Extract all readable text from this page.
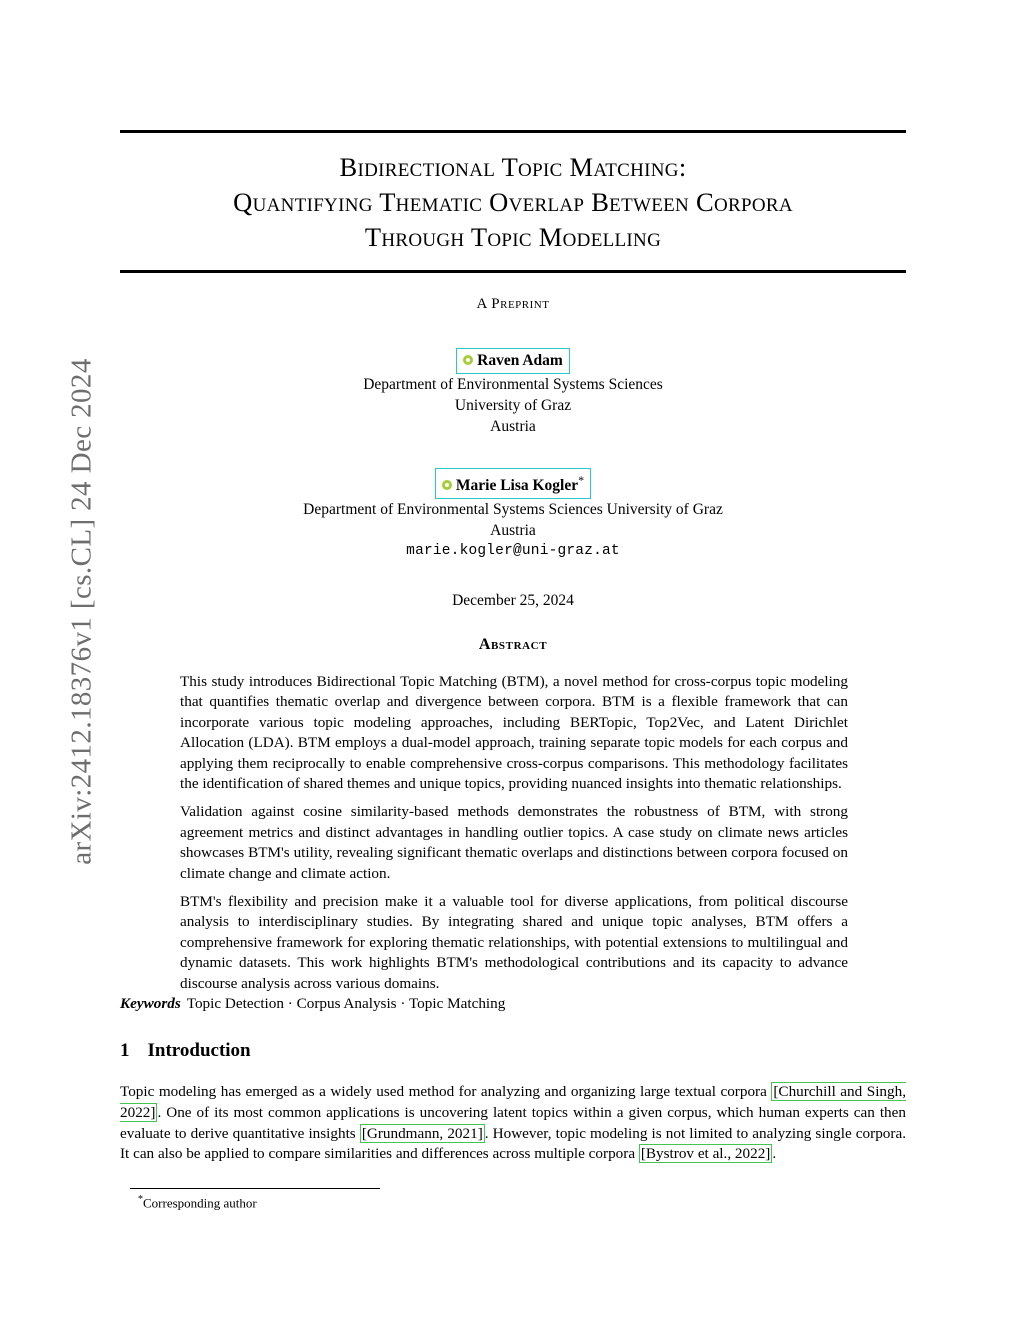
arXiv:2412.18376v1 [cs.CL] 24 Dec 2024
Bidirectional Topic Matching:
Quantifying Thematic Overlap Between Corpora
Through Topic Modelling
A Preprint
Raven Adam
Department of Environmental Systems Sciences
University of Graz
Austria
Marie Lisa Kogler*
Department of Environmental Systems Sciences University of Graz
Austria
marie.kogler@uni-graz.at
December 25, 2024
Abstract

This study introduces Bidirectional Topic Matching (BTM), a novel method for cross-corpus topic modeling that quantifies thematic overlap and divergence between corpora. BTM is a flexible framework that can incorporate various topic modeling approaches, including BERTopic, Top2Vec, and Latent Dirichlet Allocation (LDA). BTM employs a dual-model approach, training separate topic models for each corpus and applying them reciprocally to enable comprehensive cross-corpus comparisons. This methodology facilitates the identification of shared themes and unique topics, providing nuanced insights into thematic relationships.

Validation against cosine similarity-based methods demonstrates the robustness of BTM, with strong agreement metrics and distinct advantages in handling outlier topics. A case study on climate news articles showcases BTM's utility, revealing significant thematic overlaps and distinctions between corpora focused on climate change and climate action.

BTM's flexibility and precision make it a valuable tool for diverse applications, from political discourse analysis to interdisciplinary studies. By integrating shared and unique topic analyses, BTM offers a comprehensive framework for exploring thematic relationships, with potential extensions to multilingual and dynamic datasets. This work highlights BTM's methodological contributions and its capacity to advance discourse analysis across various domains.

Keywords Topic Detection · Corpus Analysis · Topic Matching
1 Introduction
Topic modeling has emerged as a widely used method for analyzing and organizing large textual corpora [Churchill and Singh, 2022] . One of its most common applications is uncovering latent topics within a given corpus, which human experts can then evaluate to derive quantitative insights [Grundmann, 2021] . However, topic modeling is not limited to analyzing single corpora. It can also be applied to compare similarities and differences across multiple corpora [Bystrov et al., 2022] .
*Corresponding author
